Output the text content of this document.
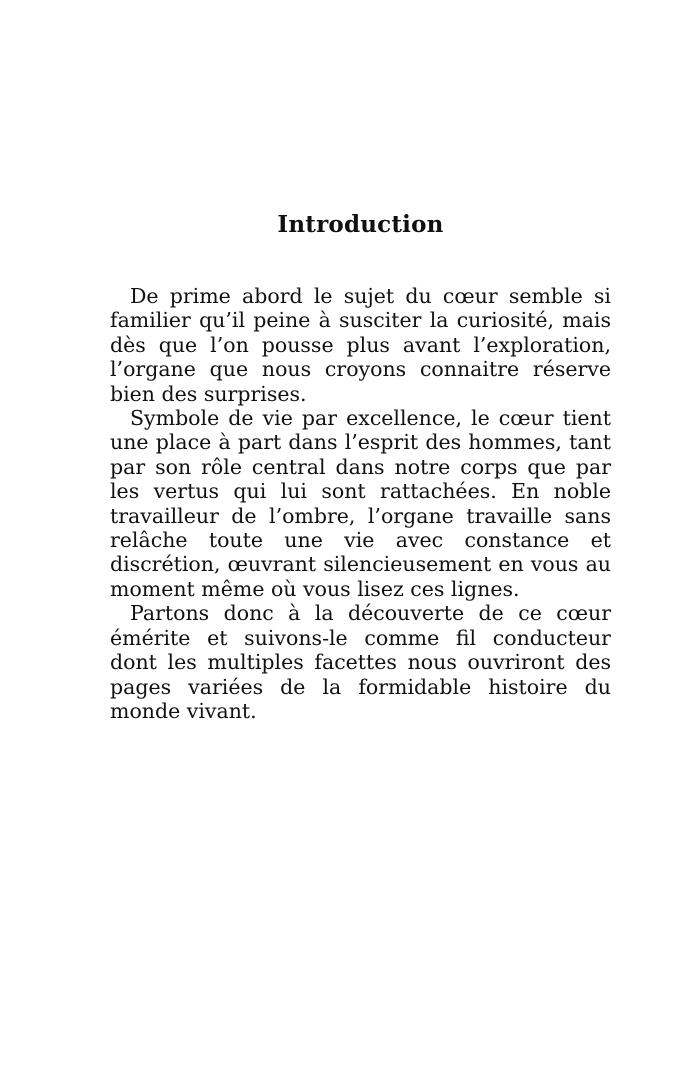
Introduction

De prime abord le sujet du cœur semble si familier qu’il peine à susciter la curiosité, mais dès que l’on pousse plus avant l’exploration, l’organe que nous croyons connaitre réserve bien des surprises.

Symbole de vie par excellence, le cœur tient une place à part dans l’esprit des hommes, tant par son rôle central dans notre corps que par les vertus qui lui sont rattachées. En noble travailleur de l’ombre, l’organe travaille sans relâche toute une vie avec constance et discrétion, œuvrant silencieusement en vous au moment même où vous lisez ces lignes.

Partons donc à la découverte de ce cœur émérite et suivons-le comme fil conducteur dont les multiples facettes nous ouvriront des pages variées de la formidable histoire du monde vivant.
